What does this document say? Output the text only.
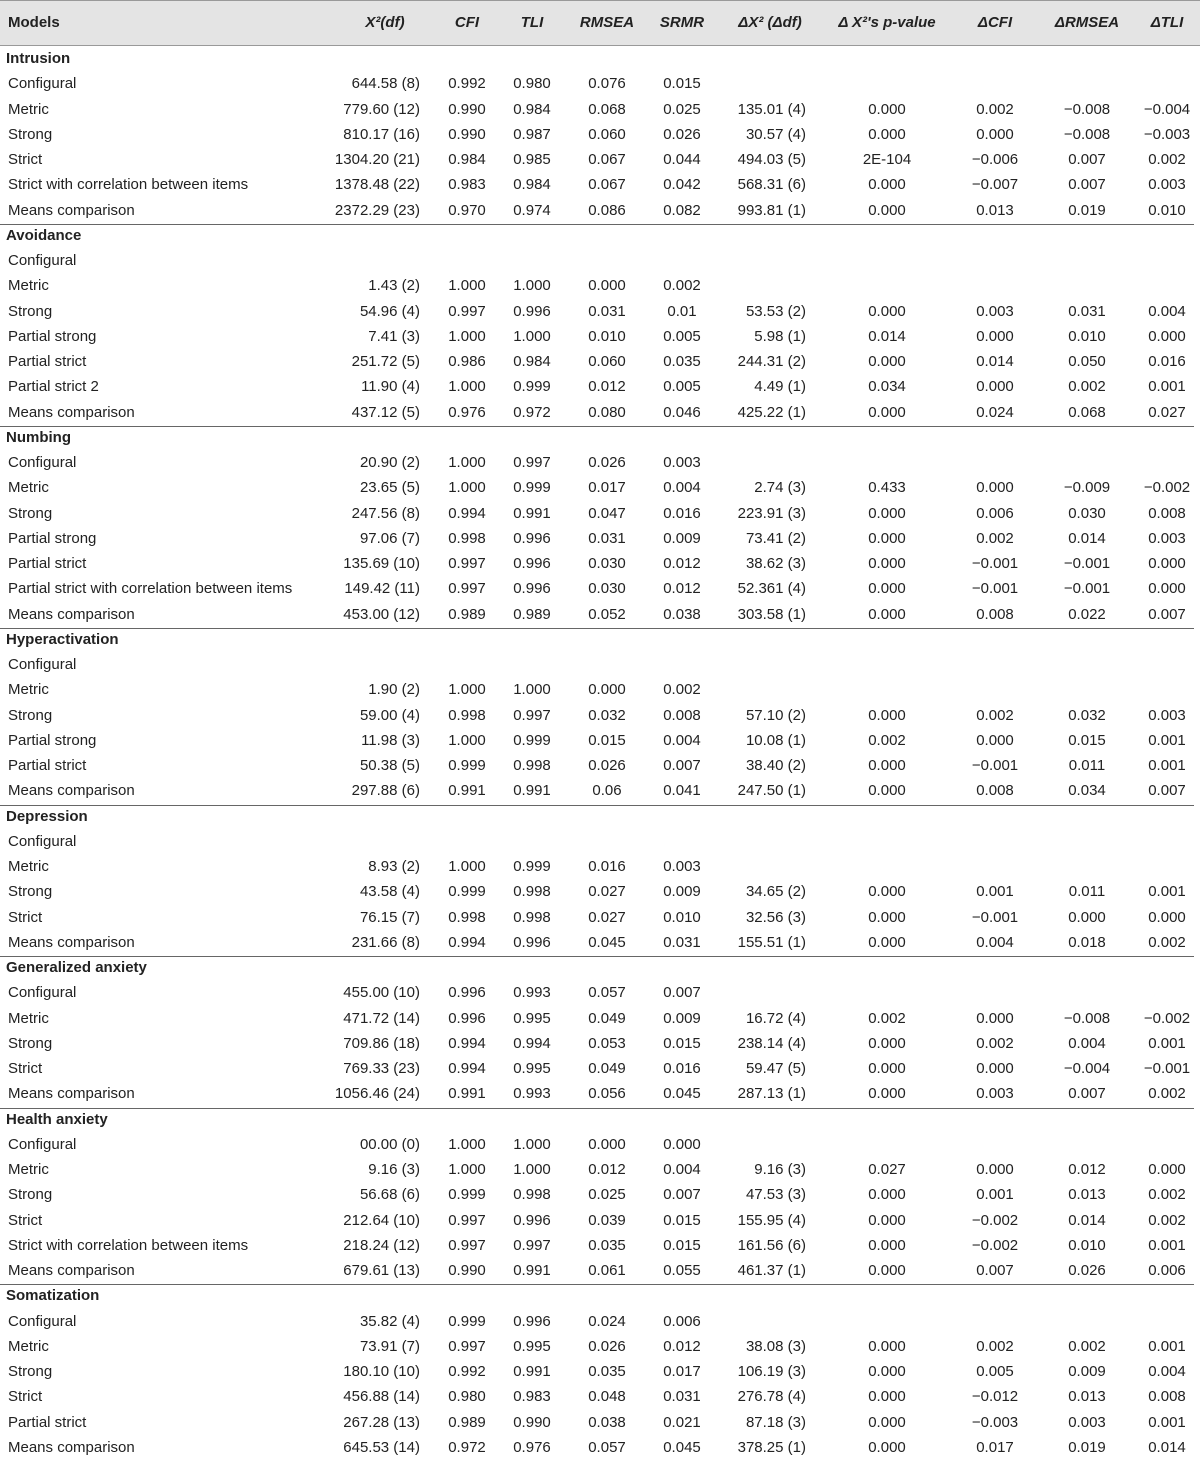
Models	X²(df)	CFI	TLI	RMSEA	SRMR	ΔX² (Δdf)	Δ X²'s p-value	ΔCFI	ΔRMSEA	ΔTLI
Intrusion
Configural	644.58 (8)	0.992	0.980	0.076	0.015
Metric	779.60 (12)	0.990	0.984	0.068	0.025	135.01 (4)	0.000	0.002	−0.008	−0.004
Strong	810.17 (16)	0.990	0.987	0.060	0.026	30.57 (4)	0.000	0.000	−0.008	−0.003
Strict	1304.20 (21)	0.984	0.985	0.067	0.044	494.03 (5)	2E-104	−0.006	0.007	0.002
Strict with correlation between items	1378.48 (22)	0.983	0.984	0.067	0.042	568.31 (6)	0.000	−0.007	0.007	0.003
Means comparison	2372.29 (23)	0.970	0.974	0.086	0.082	993.81 (1)	0.000	0.013	0.019	0.010
Avoidance
Configural
Metric	1.43 (2)	1.000	1.000	0.000	0.002
Strong	54.96 (4)	0.997	0.996	0.031	0.01	53.53 (2)	0.000	0.003	0.031	0.004
Partial strong	7.41 (3)	1.000	1.000	0.010	0.005	5.98 (1)	0.014	0.000	0.010	0.000
Partial strict	251.72 (5)	0.986	0.984	0.060	0.035	244.31 (2)	0.000	0.014	0.050	0.016
Partial strict 2	11.90 (4)	1.000	0.999	0.012	0.005	4.49 (1)	0.034	0.000	0.002	0.001
Means comparison	437.12 (5)	0.976	0.972	0.080	0.046	425.22 (1)	0.000	0.024	0.068	0.027
Numbing
Configural	20.90 (2)	1.000	0.997	0.026	0.003
Metric	23.65 (5)	1.000	0.999	0.017	0.004	2.74 (3)	0.433	0.000	−0.009	−0.002
Strong	247.56 (8)	0.994	0.991	0.047	0.016	223.91 (3)	0.000	0.006	0.030	0.008
Partial strong	97.06 (7)	0.998	0.996	0.031	0.009	73.41 (2)	0.000	0.002	0.014	0.003
Partial strict	135.69 (10)	0.997	0.996	0.030	0.012	38.62 (3)	0.000	−0.001	−0.001	0.000
Partial strict with correlation between items	149.42 (11)	0.997	0.996	0.030	0.012	52.361 (4)	0.000	−0.001	−0.001	0.000
Means comparison	453.00 (12)	0.989	0.989	0.052	0.038	303.58 (1)	0.000	0.008	0.022	0.007
Hyperactivation
Configural
Metric	1.90 (2)	1.000	1.000	0.000	0.002
Strong	59.00 (4)	0.998	0.997	0.032	0.008	57.10 (2)	0.000	0.002	0.032	0.003
Partial strong	11.98 (3)	1.000	0.999	0.015	0.004	10.08 (1)	0.002	0.000	0.015	0.001
Partial strict	50.38 (5)	0.999	0.998	0.026	0.007	38.40 (2)	0.000	−0.001	0.011	0.001
Means comparison	297.88 (6)	0.991	0.991	0.06	0.041	247.50 (1)	0.000	0.008	0.034	0.007
Depression
Configural
Metric	8.93 (2)	1.000	0.999	0.016	0.003
Strong	43.58 (4)	0.999	0.998	0.027	0.009	34.65 (2)	0.000	0.001	0.011	0.001
Strict	76.15 (7)	0.998	0.998	0.027	0.010	32.56 (3)	0.000	−0.001	0.000	0.000
Means comparison	231.66 (8)	0.994	0.996	0.045	0.031	155.51 (1)	0.000	0.004	0.018	0.002
Generalized anxiety
Configural	455.00 (10)	0.996	0.993	0.057	0.007
Metric	471.72 (14)	0.996	0.995	0.049	0.009	16.72 (4)	0.002	0.000	−0.008	−0.002
Strong	709.86 (18)	0.994	0.994	0.053	0.015	238.14 (4)	0.000	0.002	0.004	0.001
Strict	769.33 (23)	0.994	0.995	0.049	0.016	59.47 (5)	0.000	0.000	−0.004	−0.001
Means comparison	1056.46 (24)	0.991	0.993	0.056	0.045	287.13 (1)	0.000	0.003	0.007	0.002
Health anxiety
Configural	00.00 (0)	1.000	1.000	0.000	0.000
Metric	9.16 (3)	1.000	1.000	0.012	0.004	9.16 (3)	0.027	0.000	0.012	0.000
Strong	56.68 (6)	0.999	0.998	0.025	0.007	47.53 (3)	0.000	0.001	0.013	0.002
Strict	212.64 (10)	0.997	0.996	0.039	0.015	155.95 (4)	0.000	−0.002	0.014	0.002
Strict with correlation between items	218.24 (12)	0.997	0.997	0.035	0.015	161.56 (6)	0.000	−0.002	0.010	0.001
Means comparison	679.61 (13)	0.990	0.991	0.061	0.055	461.37 (1)	0.000	0.007	0.026	0.006
Somatization
Configural	35.82 (4)	0.999	0.996	0.024	0.006
Metric	73.91 (7)	0.997	0.995	0.026	0.012	38.08 (3)	0.000	0.002	0.002	0.001
Strong	180.10 (10)	0.992	0.991	0.035	0.017	106.19 (3)	0.000	0.005	0.009	0.004
Strict	456.88 (14)	0.980	0.983	0.048	0.031	276.78 (4)	0.000	−0.012	0.013	0.008
Partial strict	267.28 (13)	0.989	0.990	0.038	0.021	87.18 (3)	0.000	−0.003	0.003	0.001
Means comparison	645.53 (14)	0.972	0.976	0.057	0.045	378.25 (1)	0.000	0.017	0.019	0.014
